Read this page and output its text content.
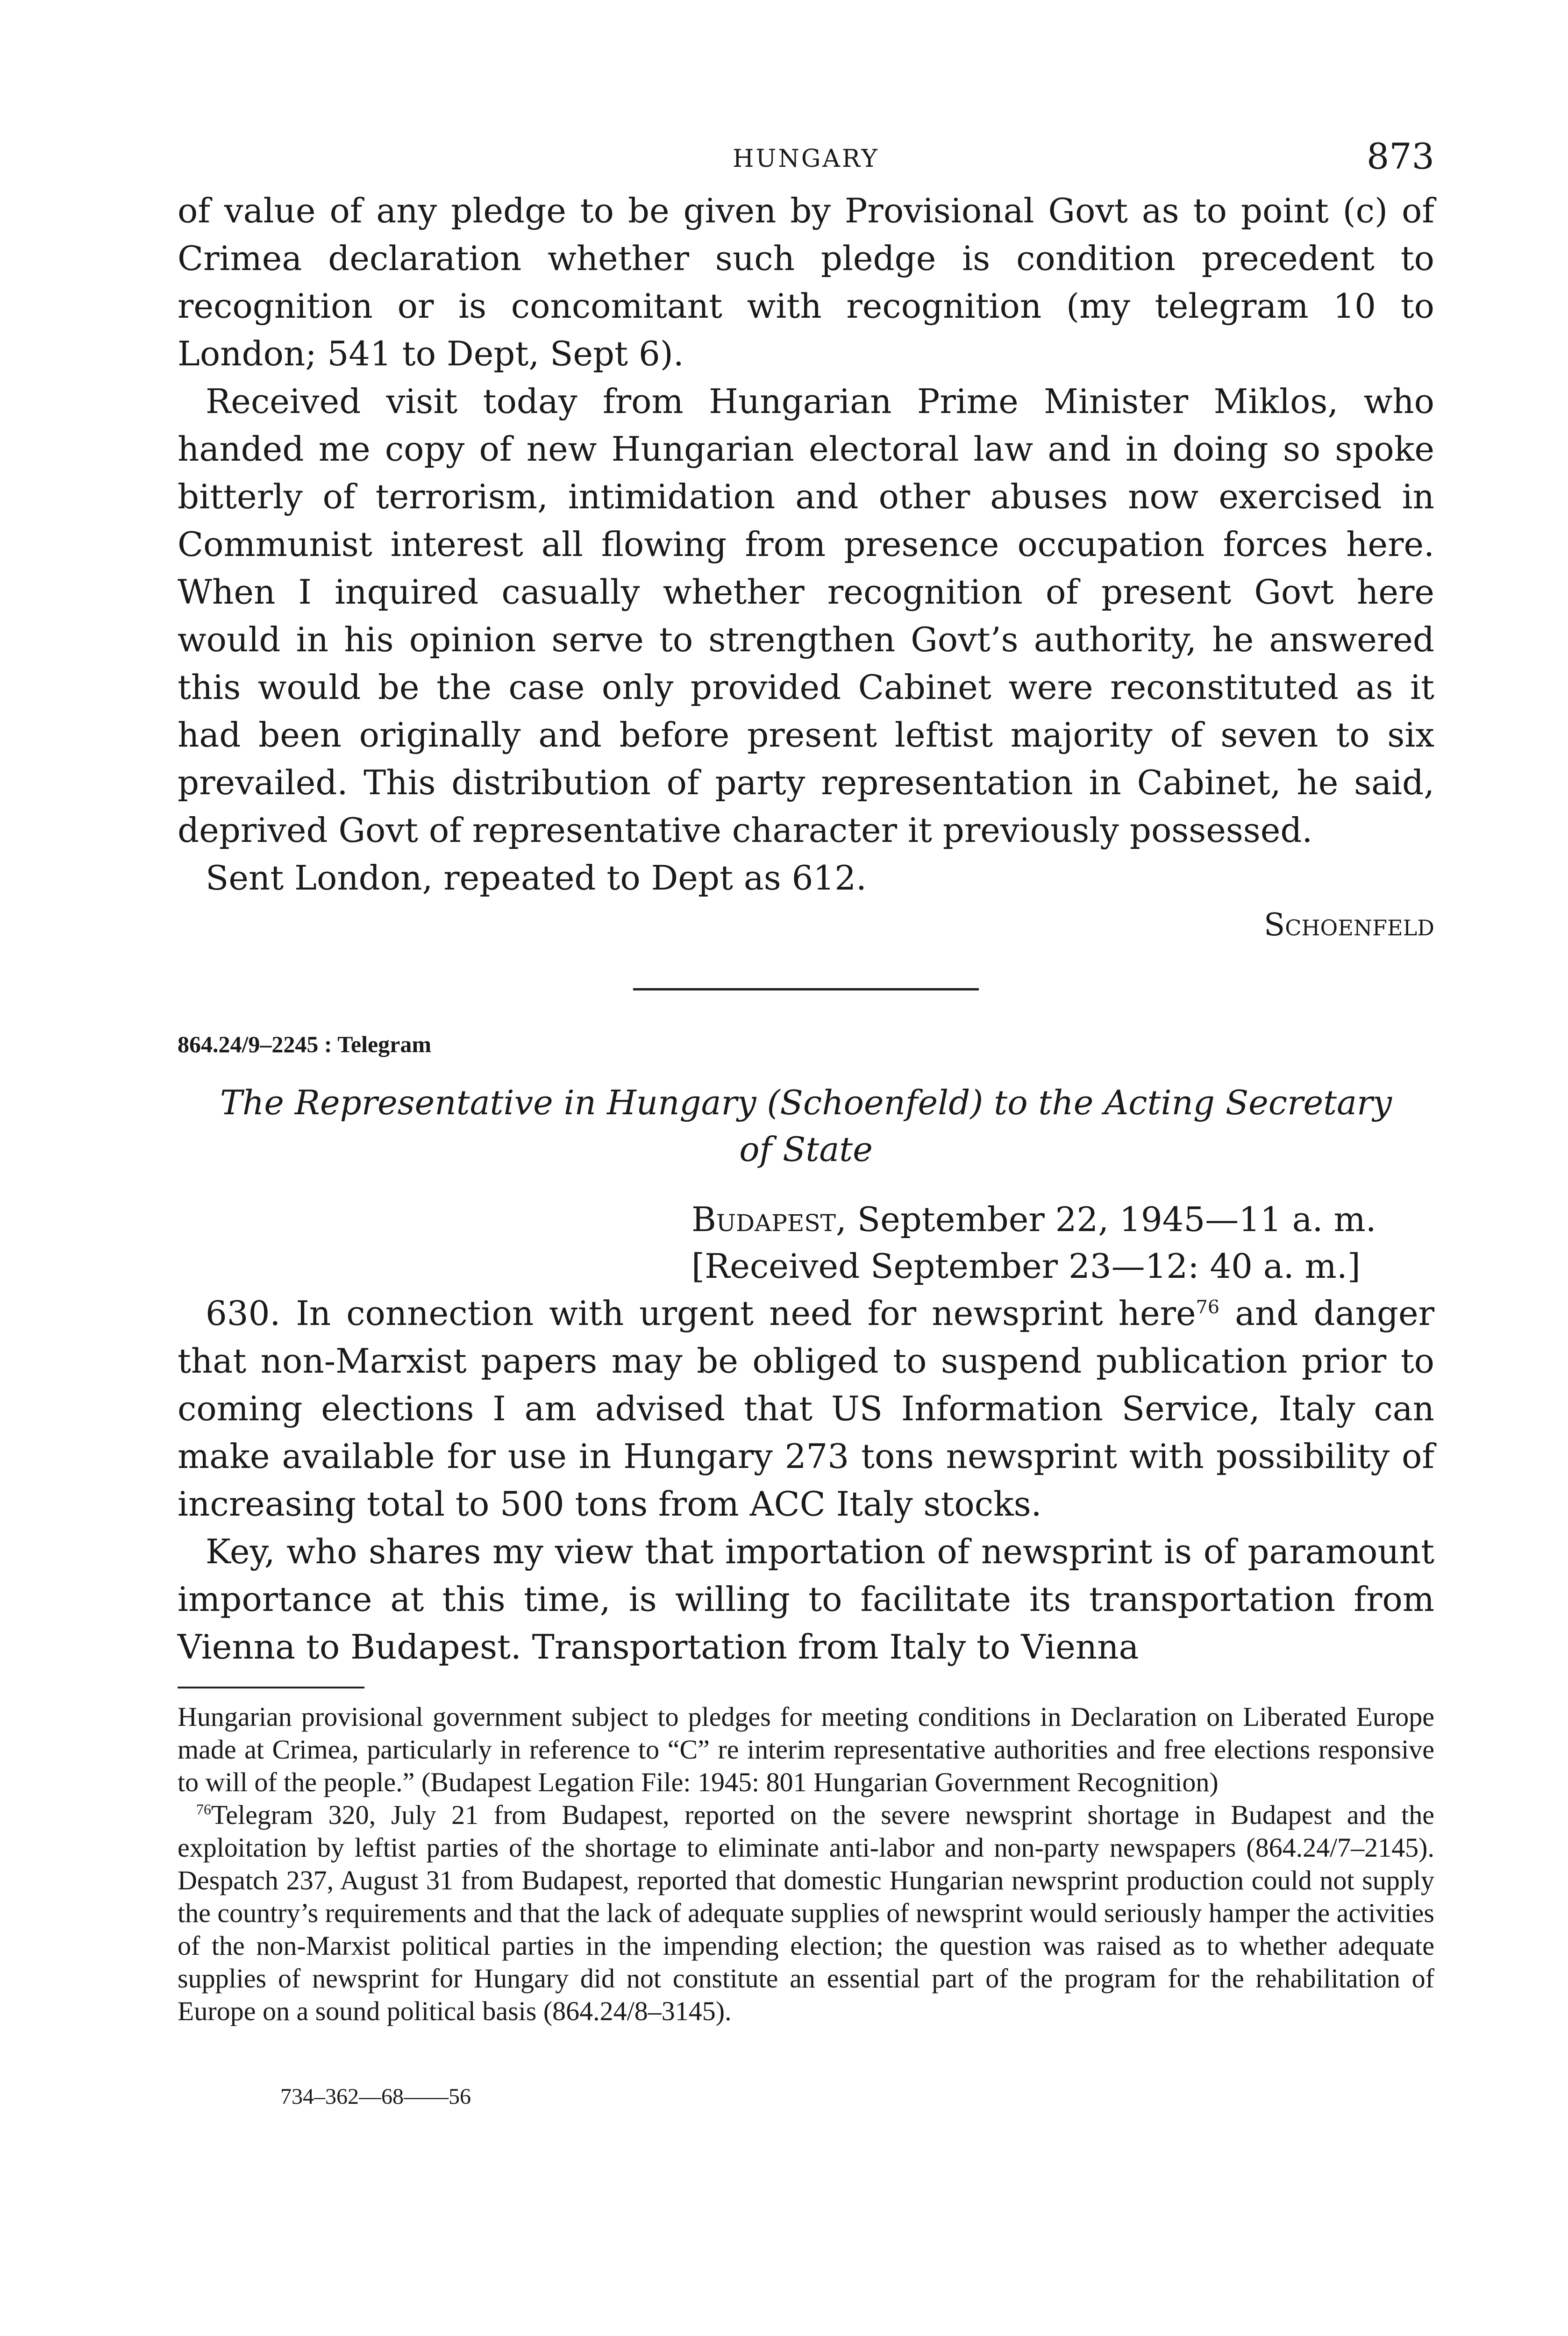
HUNGARY	873

of value of any pledge to be given by Provisional Govt as to point (c) of Crimea declaration whether such pledge is condition precedent to recognition or is concomitant with recognition (my telegram 10 to London; 541 to Dept, Sept 6).

Received visit today from Hungarian Prime Minister Miklos, who handed me copy of new Hungarian electoral law and in doing so spoke bitterly of terrorism, intimidation and other abuses now exercised in Communist interest all flowing from presence occupation forces here. When I inquired casually whether recognition of present Govt here would in his opinion serve to strengthen Govt’s authority, he answered this would be the case only provided Cabinet were reconstituted as it had been originally and before present leftist majority of seven to six prevailed. This distribution of party representation in Cabinet, he said, deprived Govt of representative character it previously possessed.

Sent London, repeated to Dept as 612.

Schoenfeld

864.24/9–2245 : Telegram

The Representative in Hungary (Schoenfeld) to the Acting Secretary
of State
Budapest, September 22, 1945—11 a. m.
[Received September 23—12: 40 a. m.]

630. In connection with urgent need for newsprint here$^{76}$ and danger that non-Marxist papers may be obliged to suspend publication prior to coming elections I am advised that US Information Service, Italy can make available for use in Hungary 273 tons newsprint with possibility of increasing total to 500 tons from ACC Italy stocks.

Key, who shares my view that importation of newsprint is of paramount importance at this time, is willing to facilitate its transportation from Vienna to Budapest. Transportation from Italy to Vienna

Hungarian provisional government subject to pledges for meeting conditions in Declaration on Liberated Europe made at Crimea, particularly in reference to “C” re interim representative authorities and free elections responsive to will of the people.” (Budapest Legation File: 1945: 801 Hungarian Government Recognition)

$^{76}$Telegram 320, July 21 from Budapest, reported on the severe newsprint shortage in Budapest and the exploitation by leftist parties of the shortage to eliminate anti-labor and non-party newspapers (864.24/7–2145). Despatch 237, August 31 from Budapest, reported that domestic Hungarian newsprint production could not supply the country’s requirements and that the lack of adequate supplies of newsprint would seriously hamper the activities of the non-Marxist political parties in the impending election; the question was raised as to whether adequate supplies of newsprint for Hungary did not constitute an essential part of the program for the rehabilitation of Europe on a sound political basis (864.24/8–3145).

734–362—68——56
